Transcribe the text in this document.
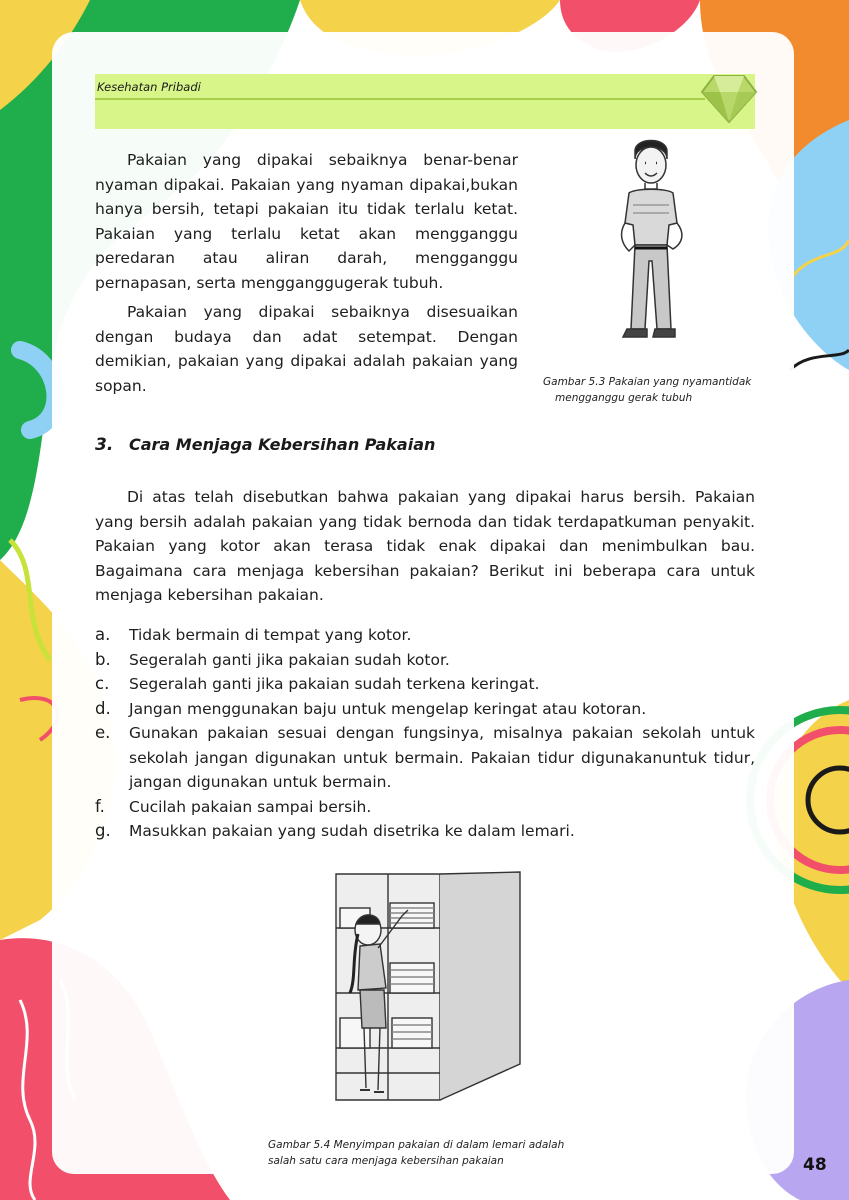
Kesehatan Pribadi
Pakaian yang dipakai sebaiknya benar-benar nyaman dipakai. Pakaian yang nyaman dipakai,bukan hanya bersih, tetapi pakaian itu tidak terlalu ketat. Pakaian yang terlalu ketat akan mengganggu peredaran atau aliran darah, mengganggu pernapasan, serta mengganggugerak tubuh.
Pakaian yang dipakai sebaiknya disesuaikan dengan budaya dan adat setempat. Dengan demikian, pakaian yang dipakai adalah pakaian yang sopan.	Gambar 5.3 Pakaian yang nyamantidak
mengganggu gerak tubuh
3. Cara Menjaga Kebersihan Pakaian
Di atas telah disebutkan bahwa pakaian yang dipakai harus bersih. Pakaian yang bersih adalah pakaian yang tidak bernoda dan tidak terdapatkuman penyakit. Pakaian yang kotor akan terasa tidak enak dipakai dan menimbulkan bau. Bagaimana cara menjaga kebersihan pakaian? Berikut ini beberapa cara untuk menjaga kebersihan pakaian.
a.	Tidak bermain di tempat yang kotor.
b.	Segeralah ganti jika pakaian sudah kotor.
c.	Segeralah ganti jika pakaian sudah terkena keringat.
d.	Jangan menggunakan baju untuk mengelap keringat atau kotoran.
e.	Gunakan pakaian sesuai dengan fungsinya, misalnya pakaian sekolah untuk sekolah jangan digunakan untuk bermain. Pakaian tidur digunakanuntuk tidur, jangan digunakan untuk bermain.
f.	Cucilah pakaian sampai bersih.
g.	Masukkan pakaian yang sudah disetrika ke dalam lemari.
Gambar 5.4 Menyimpan pakaian di dalam lemari adalah
salah satu cara menjaga kebersihan pakaian	48
